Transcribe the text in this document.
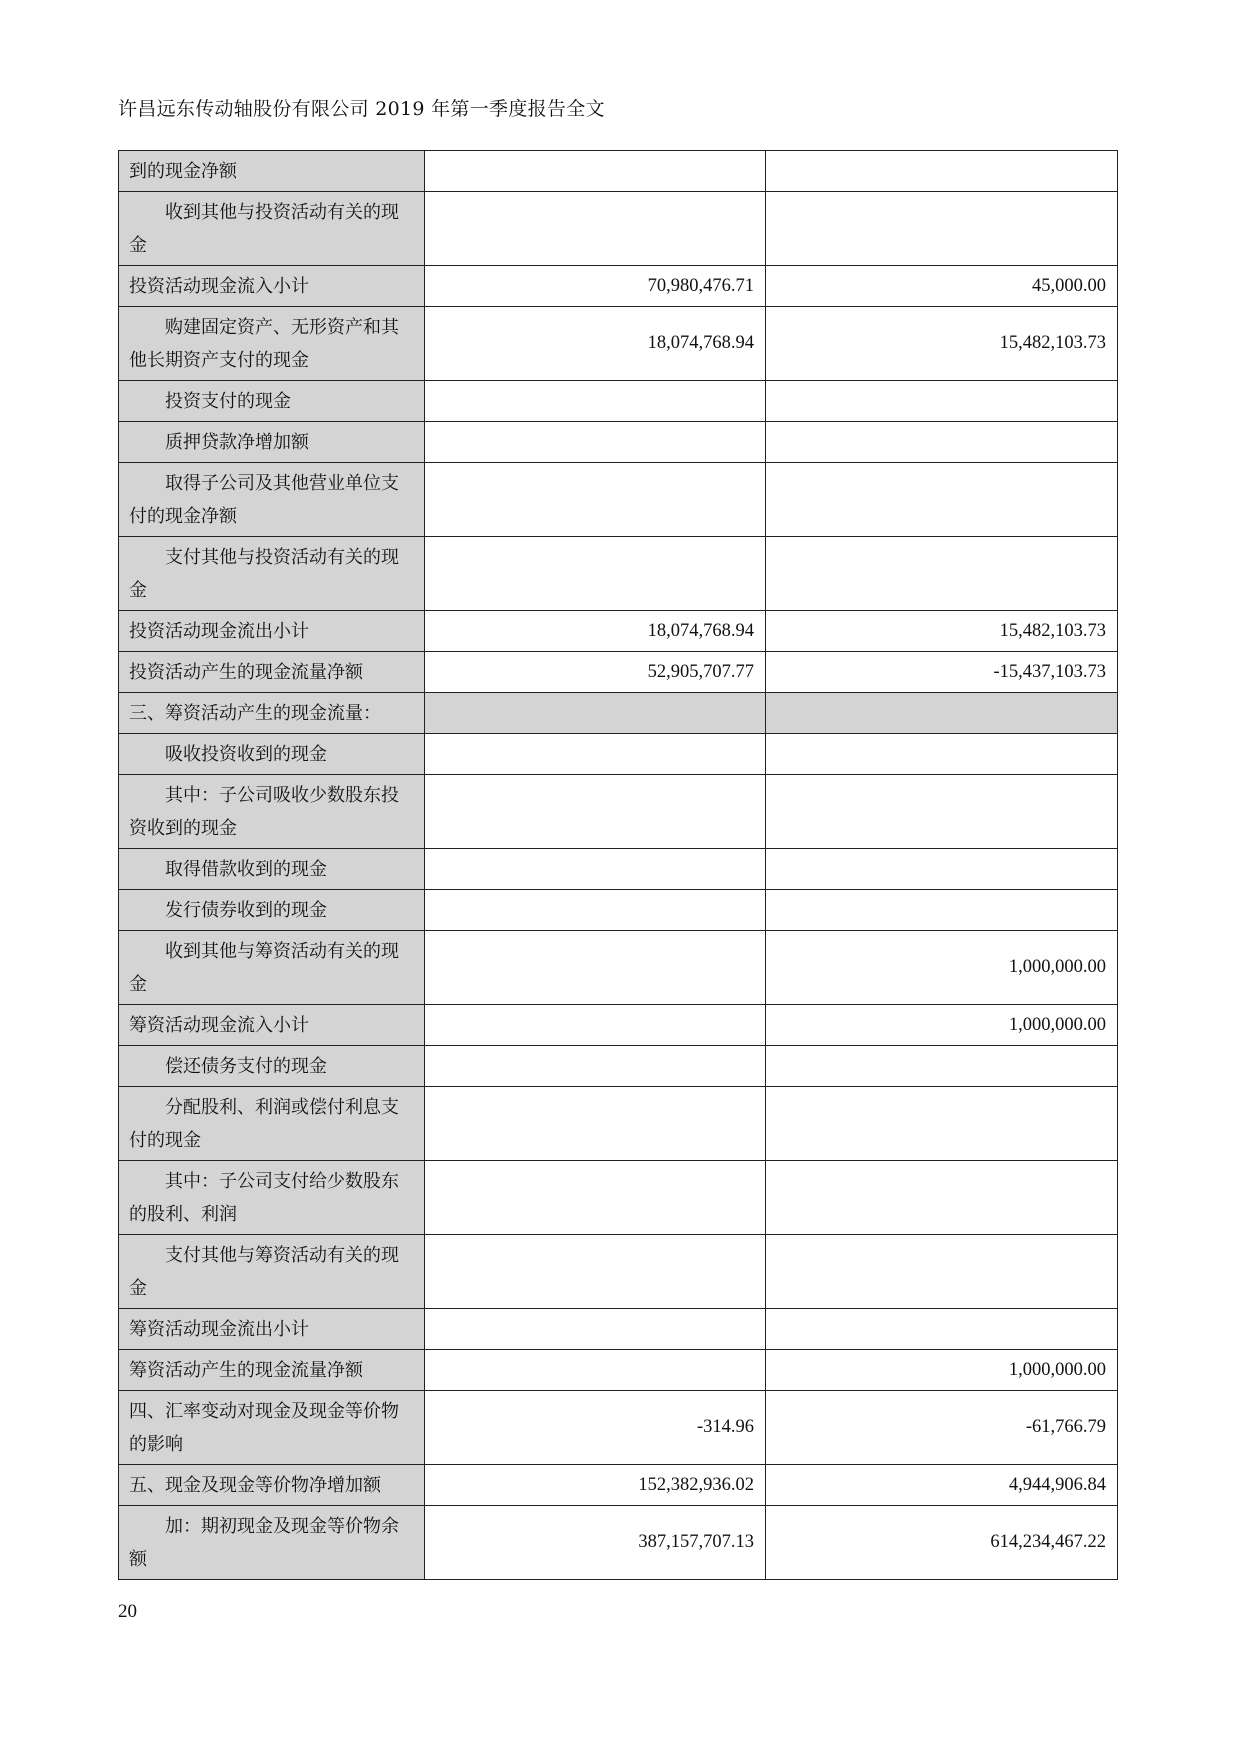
许昌远东传动轴股份有限公司 2019 年第一季度报告全文
到的现金净额		
收到其他与投资活动有关的现金		
投资活动现金流入小计	70,980,476.71	45,000.00
购建固定资产、无形资产和其他长期资产支付的现金	18,074,768.94	15,482,103.73
投资支付的现金		
质押贷款净增加额		
取得子公司及其他营业单位支付的现金净额		
支付其他与投资活动有关的现金		
投资活动现金流出小计	18,074,768.94	15,482,103.73
投资活动产生的现金流量净额	52,905,707.77	-15,437,103.73
三、筹资活动产生的现金流量：		
吸收投资收到的现金		
其中：子公司吸收少数股东投资收到的现金		
取得借款收到的现金		
发行债券收到的现金		
收到其他与筹资活动有关的现金		1,000,000.00
筹资活动现金流入小计		1,000,000.00
偿还债务支付的现金		
分配股利、利润或偿付利息支付的现金		
其中：子公司支付给少数股东的股利、利润		
支付其他与筹资活动有关的现金		
筹资活动现金流出小计		
筹资活动产生的现金流量净额		1,000,000.00
四、汇率变动对现金及现金等价物的影响	-314.96	-61,766.79
五、现金及现金等价物净增加额	152,382,936.02	4,944,906.84
加：期初现金及现金等价物余额	387,157,707.13	614,234,467.22
20
